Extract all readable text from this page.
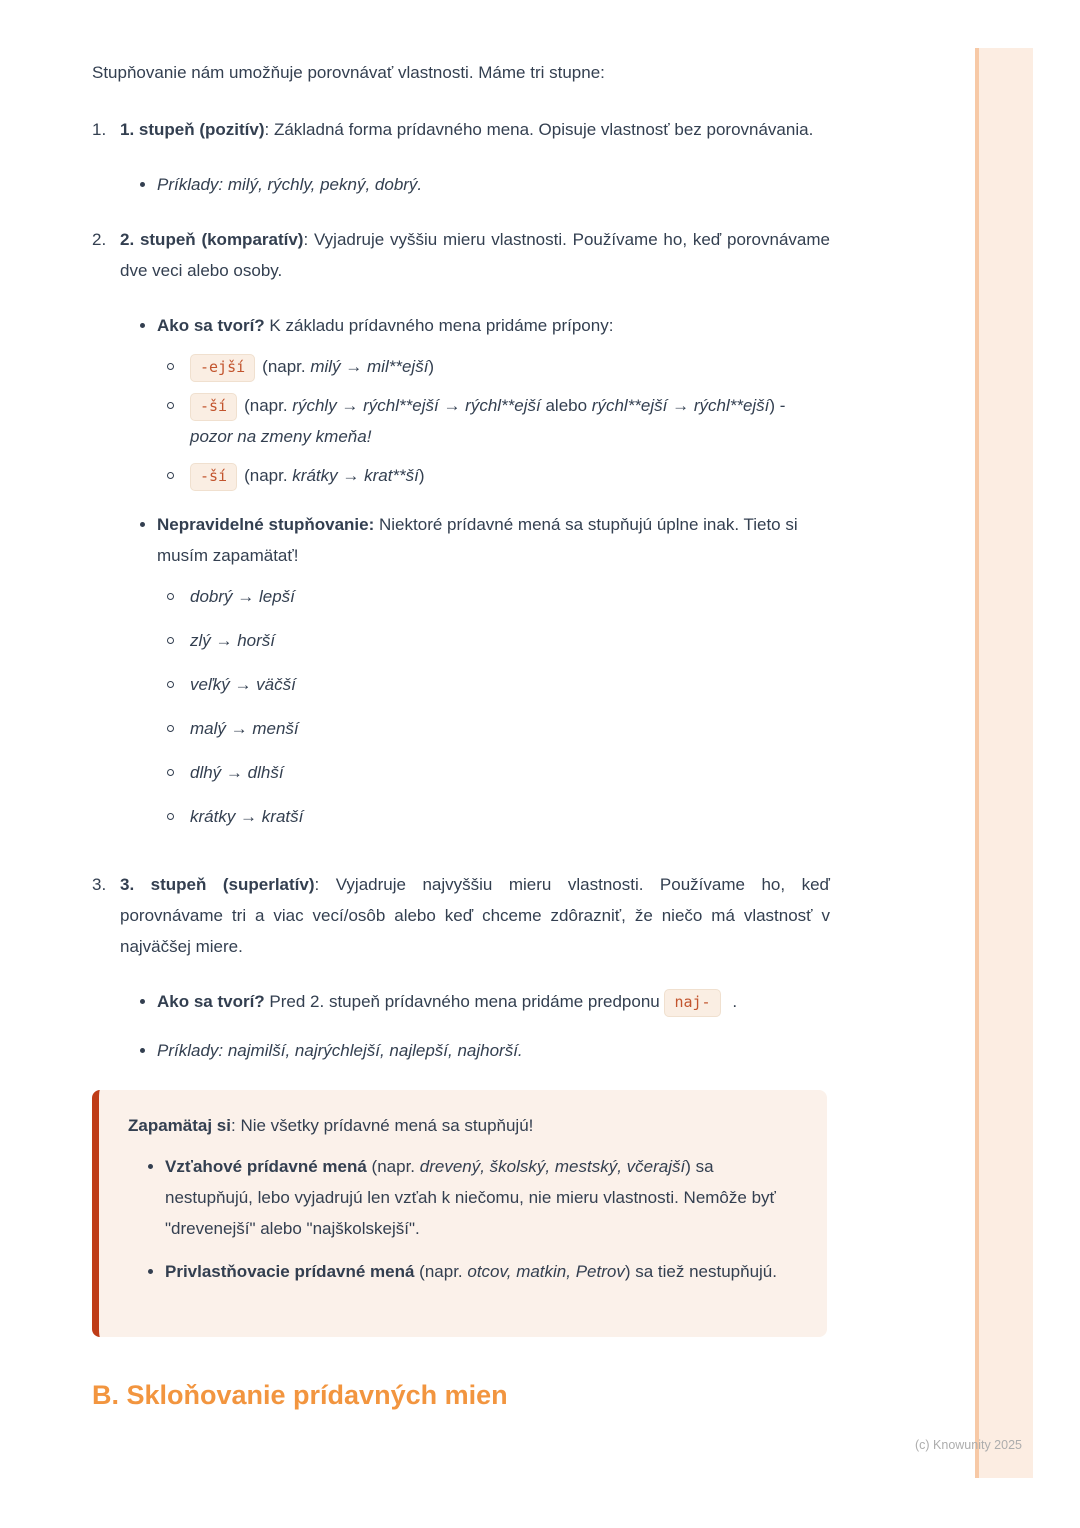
Stupňovanie nám umožňuje porovnávať vlastnosti. Máme tri stupne:

1. 1. stupeň (pozitív): Základná forma prídavného mena. Opisuje vlastnosť bez porovnávania.

Príklady: milý, rýchly, pekný, dobrý.
2. 2. stupeň (komparatív): Vyjadruje vyššiu mieru vlastnosti. Používame ho, keď porovnávame dve veci alebo osoby.

Ako sa tvorí? K základu prídavného mena pridáme prípony:
-ejší (napr. milý → mil**ejší)
-ší (napr. rýchly → rýchl**ejší → rýchl**ejší alebo rýchl**ejší → rýchl**ejší) - pozor na zmeny kmeňa!
-ší (napr. krátky → krat**ší)
Nepravidelné stupňovanie: Niektoré prídavné mená sa stupňujú úplne inak. Tieto si musím zapamätať!
dobrý → lepší
zlý → horší
veľký → väčší
malý → menší
dlhý → dlhší
krátky → kratší
3. 3. stupeň (superlatív): Vyjadruje najvyššiu mieru vlastnosti. Používame ho, keď porovnávame tri a viac vecí/osôb alebo keď chceme zdôrazniť, že niečo má vlastnosť v najväčšej miere.

Ako sa tvorí? Pred 2. stupeň prídavného mena pridáme predponu naj- .
Príklady: najmilší, najrýchlejší, najlepší, najhorší.

Zapamätaj si: Nie všetky prídavné mená sa stupňujú!

Vzťahové prídavné mená (napr. drevený, školský, mestský, včerajší) sa nestupňujú, lebo vyjadrujú len vzťah k niečomu, nie mieru vlastnosti. Nemôže byť "drevenejší" alebo "najškolskejší".
Privlastňovacie prídavné mená (napr. otcov, matkin, Petrov) sa tiež nestupňujú.
B. Skloňovanie prídavných mien
(c) Knowunity 2025
